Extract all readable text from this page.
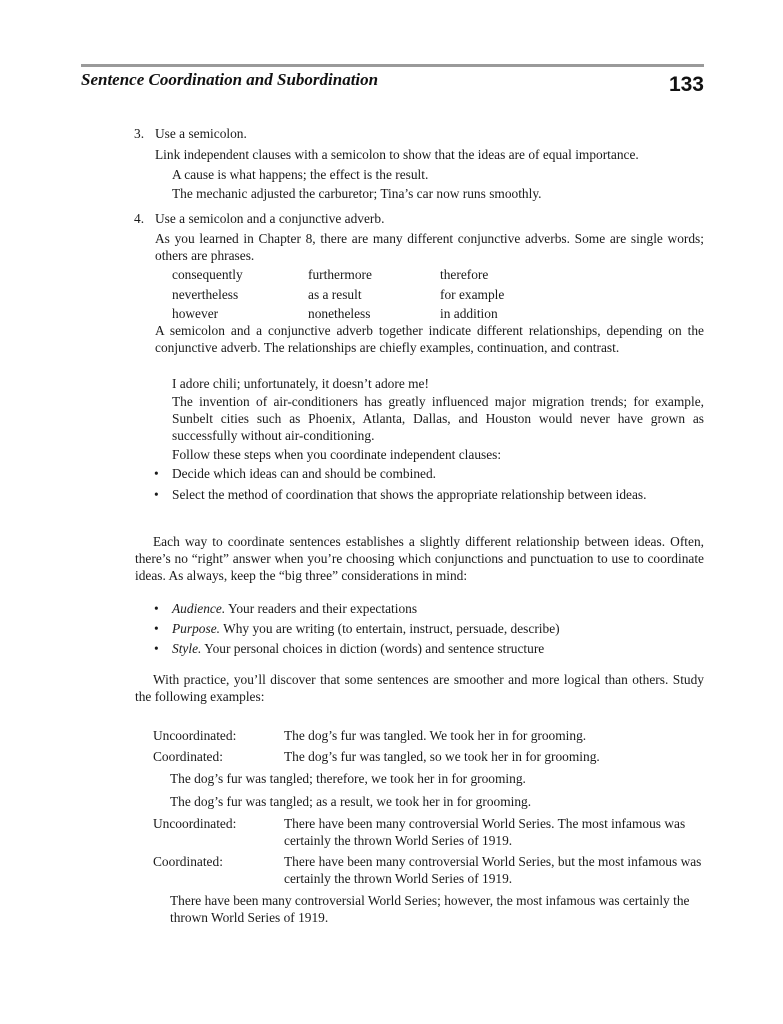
Sentence Coordination and Subordination	133
3. Use a semicolon.
Link independent clauses with a semicolon to show that the ideas are of equal importance.
A cause is what happens; the effect is the result.
The mechanic adjusted the carburetor; Tina’s car now runs smoothly.
4. Use a semicolon and a conjunctive adverb.
As you learned in Chapter 8, there are many different conjunctive adverbs. Some are single words; others are phrases.
consequently	furthermore	therefore
nevertheless	as a result	for example
however	nonetheless	in addition
A semicolon and a conjunctive adverb together indicate different relationships, depending on the conjunctive adverb. The relationships are chiefly examples, continuation, and contrast.
I adore chili; unfortunately, it doesn’t adore me!
The invention of air-conditioners has greatly influenced major migration trends; for example, Sunbelt cities such as Phoenix, Atlanta, Dallas, and Houston would never have grown as successfully without air-conditioning.
Follow these steps when you coordinate independent clauses:
• Decide which ideas can and should be combined.
• Select the method of coordination that shows the appropriate relationship between ideas.
Each way to coordinate sentences establishes a slightly different relationship between ideas. Often, there’s no “right” answer when you’re choosing which conjunctions and punctuation to use to coordinate ideas. As always, keep the “big three” considerations in mind:
• Audience. Your readers and their expectations
• Purpose. Why you are writing (to entertain, instruct, persuade, describe)
• Style. Your personal choices in diction (words) and sentence structure
With practice, you’ll discover that some sentences are smoother and more logical than others. Study the following examples:
Uncoordinated:	The dog’s fur was tangled. We took her in for grooming.
Coordinated:	The dog’s fur was tangled, so we took her in for grooming.
The dog’s fur was tangled; therefore, we took her in for grooming.
The dog’s fur was tangled; as a result, we took her in for grooming.
Uncoordinated:	There have been many controversial World Series. The most infamous was certainly the thrown World Series of 1919.
Coordinated:	There have been many controversial World Series, but the most infamous was certainly the thrown World Series of 1919.
There have been many controversial World Series; however, the most infamous was certainly the thrown World Series of 1919.
